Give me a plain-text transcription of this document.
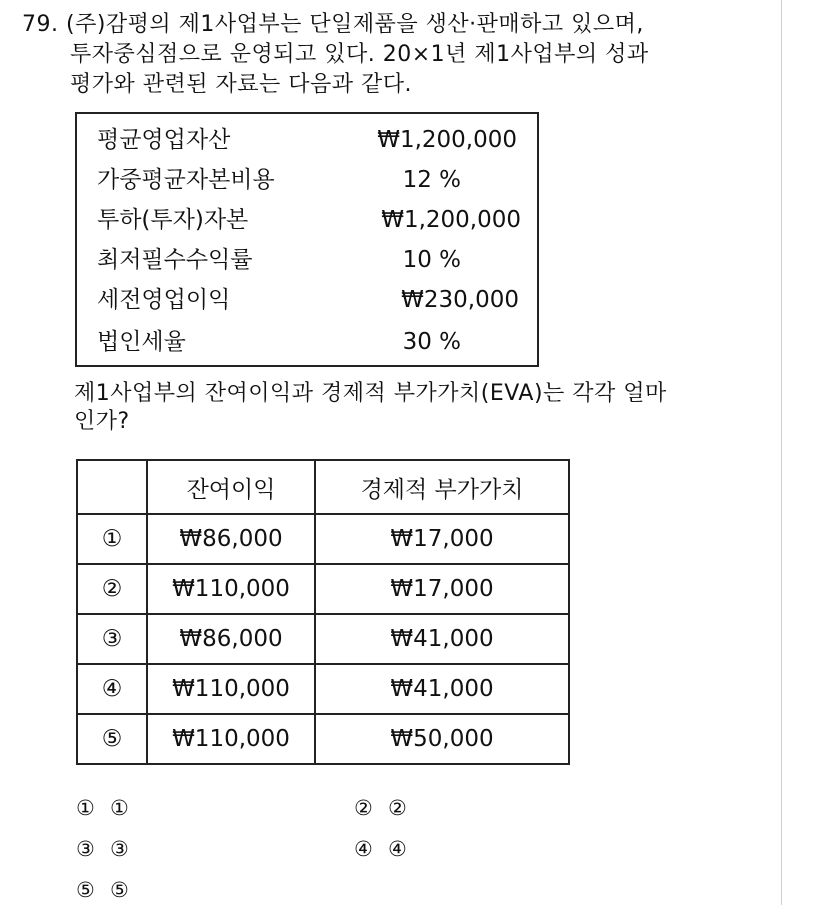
79. (주)감평의 제1사업부는 단일제품을 생산·판매하고 있으며,
투자중심점으로 운영되고 있다. 20×1년 제1사업부의 성과
평가와 관련된 자료는 다음과 같다.
평균영업자산	₩1,200,000
가중평균자본비용	12 %
투하(투자)자본	₩1,200,000
최저필수수익률	10 %
세전영업이익	₩230,000
법인세율	30 %
제1사업부의 잔여이익과 경제적 부가가치(EVA)는 각각 얼마
인가?
	잔여이익	경제적 부가가치
①	₩86,000	₩17,000
②	₩110,000	₩17,000
③	₩86,000	₩41,000
④	₩110,000	₩41,000
⑤	₩110,000	₩50,000
① ①	② ②
③ ③	④ ④
⑤ ⑤
